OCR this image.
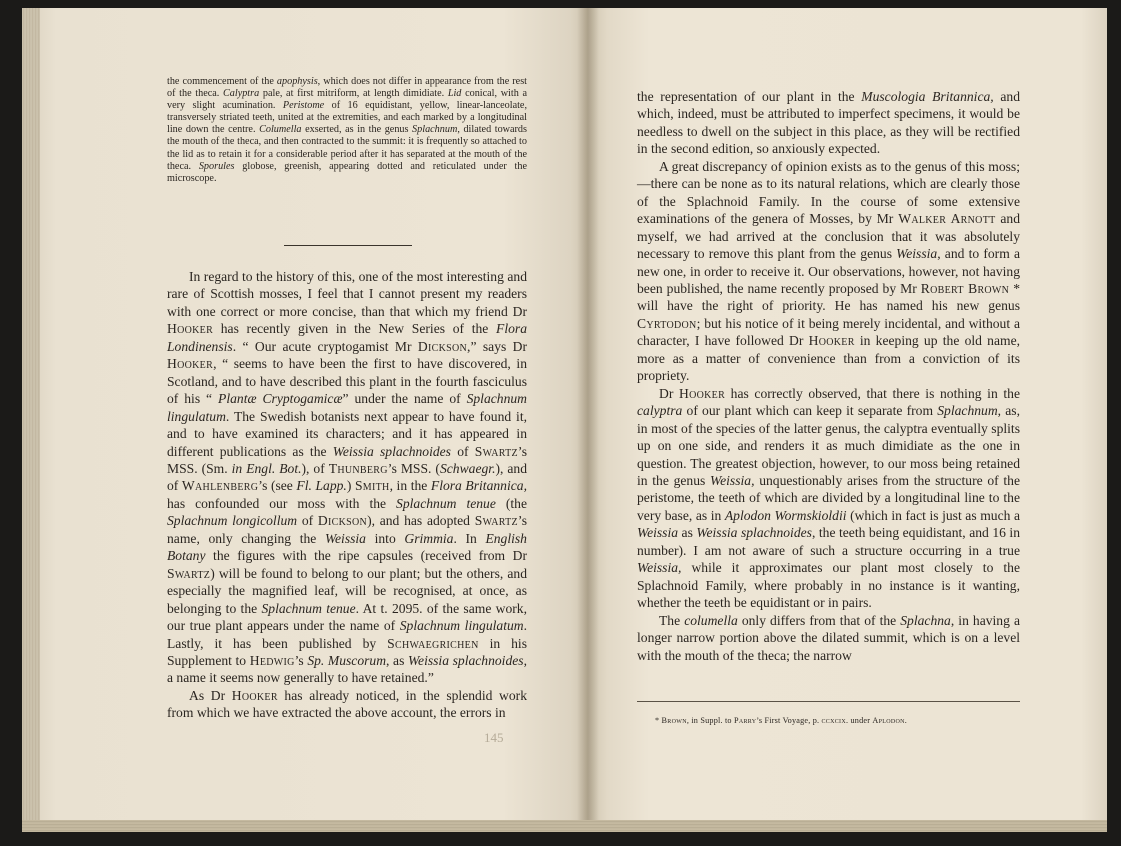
the commencement of the apophysis, which does not differ in appearance from the rest of the theca. Calyptra pale, at first mitriform, at length dimidiate. Lid conical, with a very slight acumination. Peristome of 16 equidistant, yellow, linear-lanceolate, transversely striated teeth, united at the extremities, and each marked by a longitudinal line down the centre. Columella exserted, as in the genus Splachnum, dilated towards the mouth of the theca, and then contracted to the summit: it is frequently so attached to the lid as to retain it for a considerable period after it has separated at the mouth of the theca. Sporules globose, greenish, appearing dotted and reticulated under the microscope.

In regard to the history of this, one of the most interesting and rare of Scottish mosses, I feel that I cannot present my readers with one correct or more concise, than that which my friend Dr Hooker has recently given in the New Series of the Flora Londinensis. “ Our acute cryptogamist Mr Dickson,” says Dr Hooker, “ seems to have been the first to have discovered, in Scotland, and to have described this plant in the fourth fasciculus of his “ Plantæ Cryptogamicæ” under the name of Splachnum lingulatum. The Swedish botanists next appear to have found it, and to have examined its characters; and it has appeared in different publications as the Weissia splachnoides of Swartz’s MSS. (Sm. in Engl. Bot.), of Thunberg’s MSS. (Schwaegr.), and of Wahlenberg’s (see Fl. Lapp.) Smith, in the Flora Britannica, has confounded our moss with the Splachnum tenue (the Splachnum longicollum of Dickson), and has adopted Swartz’s name, only changing the Weissia into Grimmia. In English Botany the figures with the ripe capsules (received from Dr Swartz) will be found to belong to our plant; but the others, and especially the magnified leaf, will be recognised, at once, as belonging to the Splachnum tenue. At t. 2095. of the same work, our true plant appears under the name of Splachnum lingulatum. Lastly, it has been published by Schwaegrichen in his Supplement to Hedwig’s Sp. Muscorum, as Weissia splachnoides, a name it seems now generally to have retained.”

As Dr Hooker has already noticed, in the splendid work from which we have extracted the above account, the errors in

145

the representation of our plant in the Muscologia Britannica, and which, indeed, must be attributed to imperfect specimens, it would be needless to dwell on the subject in this place, as they will be rectified in the second edition, so anxiously expected.

A great discrepancy of opinion exists as to the genus of this moss;—there can be none as to its natural relations, which are clearly those of the Splachnoid Family. In the course of some extensive examinations of the genera of Mosses, by Mr Walker Arnott and myself, we had arrived at the conclusion that it was absolutely necessary to remove this plant from the genus Weissia, and to form a new one, in order to receive it. Our observations, however, not having been published, the name recently proposed by Mr Robert Brown * will have the right of priority. He has named his new genus Cyrtodon; but his notice of it being merely incidental, and without a character, I have followed Dr Hooker in keeping up the old name, more as a matter of convenience than from a conviction of its propriety.

Dr Hooker has correctly observed, that there is nothing in the calyptra of our plant which can keep it separate from Splachnum, as, in most of the species of the latter genus, the calyptra eventually splits up on one side, and renders it as much dimidiate as the one in question. The greatest objection, however, to our moss being retained in the genus Weissia, unquestionably arises from the structure of the peristome, the teeth of which are divided by a longitudinal line to the very base, as in Aplodon Wormskioldii (which in fact is just as much a Weissia as Weissia splachnoides, the teeth being equidistant, and 16 in number). I am not aware of such a structure occurring in a true Weissia, while it approximates our plant most closely to the Splachnoid Family, where probably in no instance is it wanting, whether the teeth be equidistant or in pairs.

The columella only differs from that of the Splachna, in having a longer narrow portion above the dilated summit, which is on a level with the mouth of the theca; the narrow

* Brown, in Suppl. to Parry’s First Voyage, p. ccxcix. under Aplodon.
